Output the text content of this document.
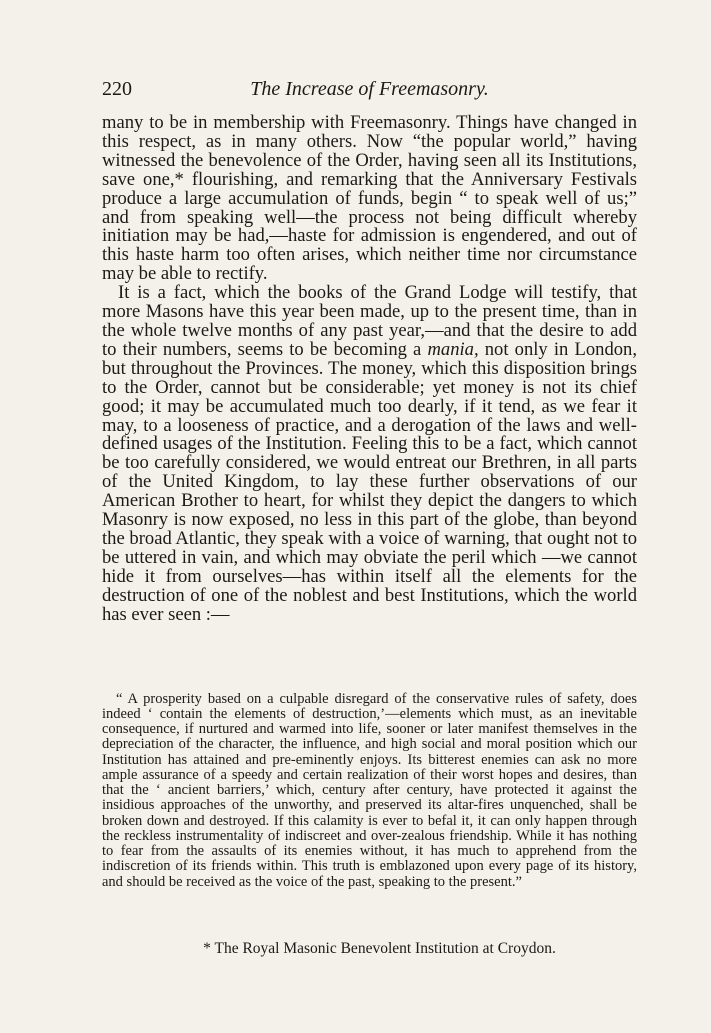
220	The Increase of Freemasonry.

many to be in membership with Freemasonry. Things have changed in this respect, as in many others. Now “the popular world,” having witnessed the benevolence of the Order, having seen all its Institutions, save one,* flourishing, and remarking that the Anniversary Festivals produce a large accumulation of funds, begin “ to speak well of us;” and from speaking well—the process not being difficult whereby initiation may be had,—haste for admission is engendered, and out of this haste harm too often arises, which neither time nor circumstance may be able to rectify.

It is a fact, which the books of the Grand Lodge will testify, that more Masons have this year been made, up to the present time, than in the whole twelve months of any past year,—and that the desire to add to their numbers, seems to be becoming a mania, not only in London, but throughout the Provinces. The money, which this disposition brings to the Order, cannot but be considerable; yet money is not its chief good; it may be accumulated much too dearly, if it tend, as we fear it may, to a looseness of practice, and a derogation of the laws and well-defined usages of the Institution. Feeling this to be a fact, which cannot be too carefully considered, we would entreat our Brethren, in all parts of the United Kingdom, to lay these further observations of our American Brother to heart, for whilst they depict the dangers to which Masonry is now exposed, no less in this part of the globe, than beyond the broad Atlantic, they speak with a voice of warning, that ought not to be uttered in vain, and which may obviate the peril which —we cannot hide it from ourselves—has within itself all the elements for the destruction of one of the noblest and best Institutions, which the world has ever seen :—

“ A prosperity based on a culpable disregard of the conservative rules of safety, does indeed ‘ contain the elements of destruction,’—elements which must, as an inevitable consequence, if nurtured and warmed into life, sooner or later manifest themselves in the depreciation of the character, the influence, and high social and moral position which our Institution has attained and pre-eminently enjoys. Its bitterest enemies can ask no more ample assurance of a speedy and certain realization of their worst hopes and desires, than that the ‘ ancient barriers,’ which, century after century, have protected it against the insidious approaches of the unworthy, and preserved its altar-fires unquenched, shall be broken down and destroyed. If this calamity is ever to befal it, it can only happen through the reckless instrumentality of indiscreet and over-zealous friendship. While it has nothing to fear from the assaults of its enemies without, it has much to apprehend from the indiscretion of its friends within. This truth is emblazoned upon every page of its history, and should be received as the voice of the past, speaking to the present.”

* The Royal Masonic Benevolent Institution at Croydon.
